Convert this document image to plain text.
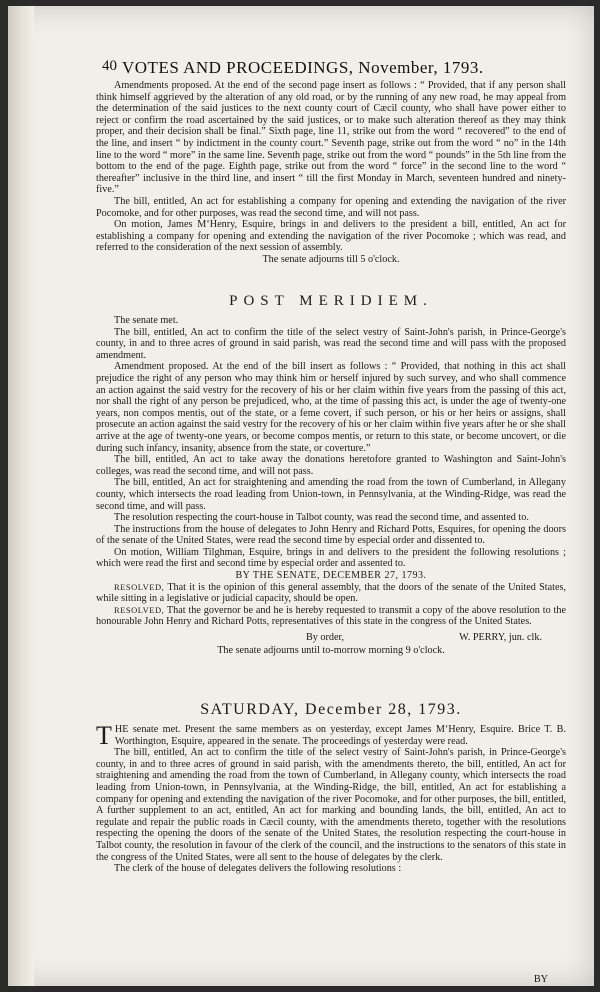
40 VOTES AND PROCEEDINGS, November, 1793.

Amendments proposed. At the end of the second page insert as follows : “ Provided, that if any person shall think himself aggrieved by the alteration of any old road, or by the running of any new road, he may appeal from the determination of the said justices to the next county court of Cæcil county, who shall have power either to reject or confirm the road ascertained by the said justices, or to make such alteration thereof as they may think proper, and their decision shall be final.” Sixth page, line 11, strike out from the word “ recovered” to the end of the line, and insert “ by indictment in the county court.” Seventh page, strike out from the word “ no” in the 14th line to the word “ more” in the same line. Seventh page, strike out from the word “ pounds” in the 5th line from the bottom to the end of the page. Eighth page, strike out from the word “ force” in the second line to the word “ thereafter” inclusive in the third line, and insert “ till the first Monday in March, seventeen hundred and ninety-five.”

The bill, entitled, An act for establishing a company for opening and extending the navigation of the river Pocomoke, and for other purposes, was read the second time, and will not pass.

On motion, James M‘Henry, Esquire, brings in and delivers to the president a bill, entitled, An act for establishing a company for opening and extending the navigation of the river Pocomoke ; which was read, and referred to the consideration of the next session of assembly.

The senate adjourns till 5 o'clock.

POST MERIDIEM.

The senate met.

The bill, entitled, An act to confirm the title of the select vestry of Saint-John's parish, in Prince-George's county, in and to three acres of ground in said parish, was read the second time and will pass with the proposed amendment.

Amendment proposed. At the end of the bill insert as follows : “ Provided, that nothing in this act shall prejudice the right of any person who may think him or herself injured by such survey, and who shall commence an action against the said vestry for the recovery of his or her claim within five years from the passing of this act, nor shall the right of any person be prejudiced, who, at the time of passing this act, is under the age of twenty-one years, non compos mentis, out of the state, or a feme covert, if such person, or his or her heirs or assigns, shall prosecute an action against the said vestry for the recovery of his or her claim within five years after he or she shall arrive at the age of twenty-one years, or become compos mentis, or return to this state, or become uncovert, or die during such infancy, insanity, absence from the state, or coverture.”

The bill, entitled, An act to take away the donations heretofore granted to Washington and Saint-John's colleges, was read the second time, and will not pass.

The bill, entitled, An act for straightening and amending the road from the town of Cumberland, in Allegany county, which intersects the road leading from Union-town, in Pennsylvania, at the Winding-Ridge, was read the second time, and will pass.

The resolution respecting the court-house in Talbot county, was read the second time, and assented to.

The instructions from the house of delegates to John Henry and Richard Potts, Esquires, for opening the doors of the senate of the United States, were read the second time by especial order and dissented to.

On motion, William Tilghman, Esquire, brings in and delivers to the president the following resolutions ; which were read the first and second time by especial order and assented to.

BY THE SENATE, DECEMBER 27, 1793.

RESOLVED, That it is the opinion of this general assembly, that the doors of the senate of the United States, while sitting in a legislative or judicial capacity, should be open.

RESOLVED, That the governor be and he is hereby requested to transmit a copy of the above resolution to the honourable John Henry and Richard Potts, representatives of this state in the congress of the United States.

By order,	W. PERRY, jun. clk.

The senate adjourns until to-morrow morning 9 o'clock.

SATURDAY, December 28, 1793.

T HE senate met. Present the same members as on yesterday, except James M‘Henry, Esquire. Brice T. B. Worthington, Esquire, appeared in the senate. The proceedings of yesterday were read.

The bill, entitled, An act to confirm the title of the select vestry of Saint-John's parish, in Prince-George's county, in and to three acres of ground in said parish, with the amendments thereto, the bill, entitled, An act for straightening and amending the road from the town of Cumberland, in Allegany county, which intersects the road leading from Union-town, in Pennsylvania, at the Winding-Ridge, the bill, entitled, An act for establishing a company for opening and extending the navigation of the river Pocomoke, and for other purposes, the bill, entitled, A further supplement to an act, entitled, An act for marking and bounding lands, the bill, entitled, An act to regulate and repair the public roads in Cæcil county, with the amendments thereto, together with the resolutions respecting the opening the doors of the senate of the United States, the resolution respecting the court-house in Talbot county, the resolution in favour of the clerk of the council, and the instructions to the senators of this state in the congress of the United States, were all sent to the house of delegates by the clerk.

The clerk of the house of delegates delivers the following resolutions :

BY
